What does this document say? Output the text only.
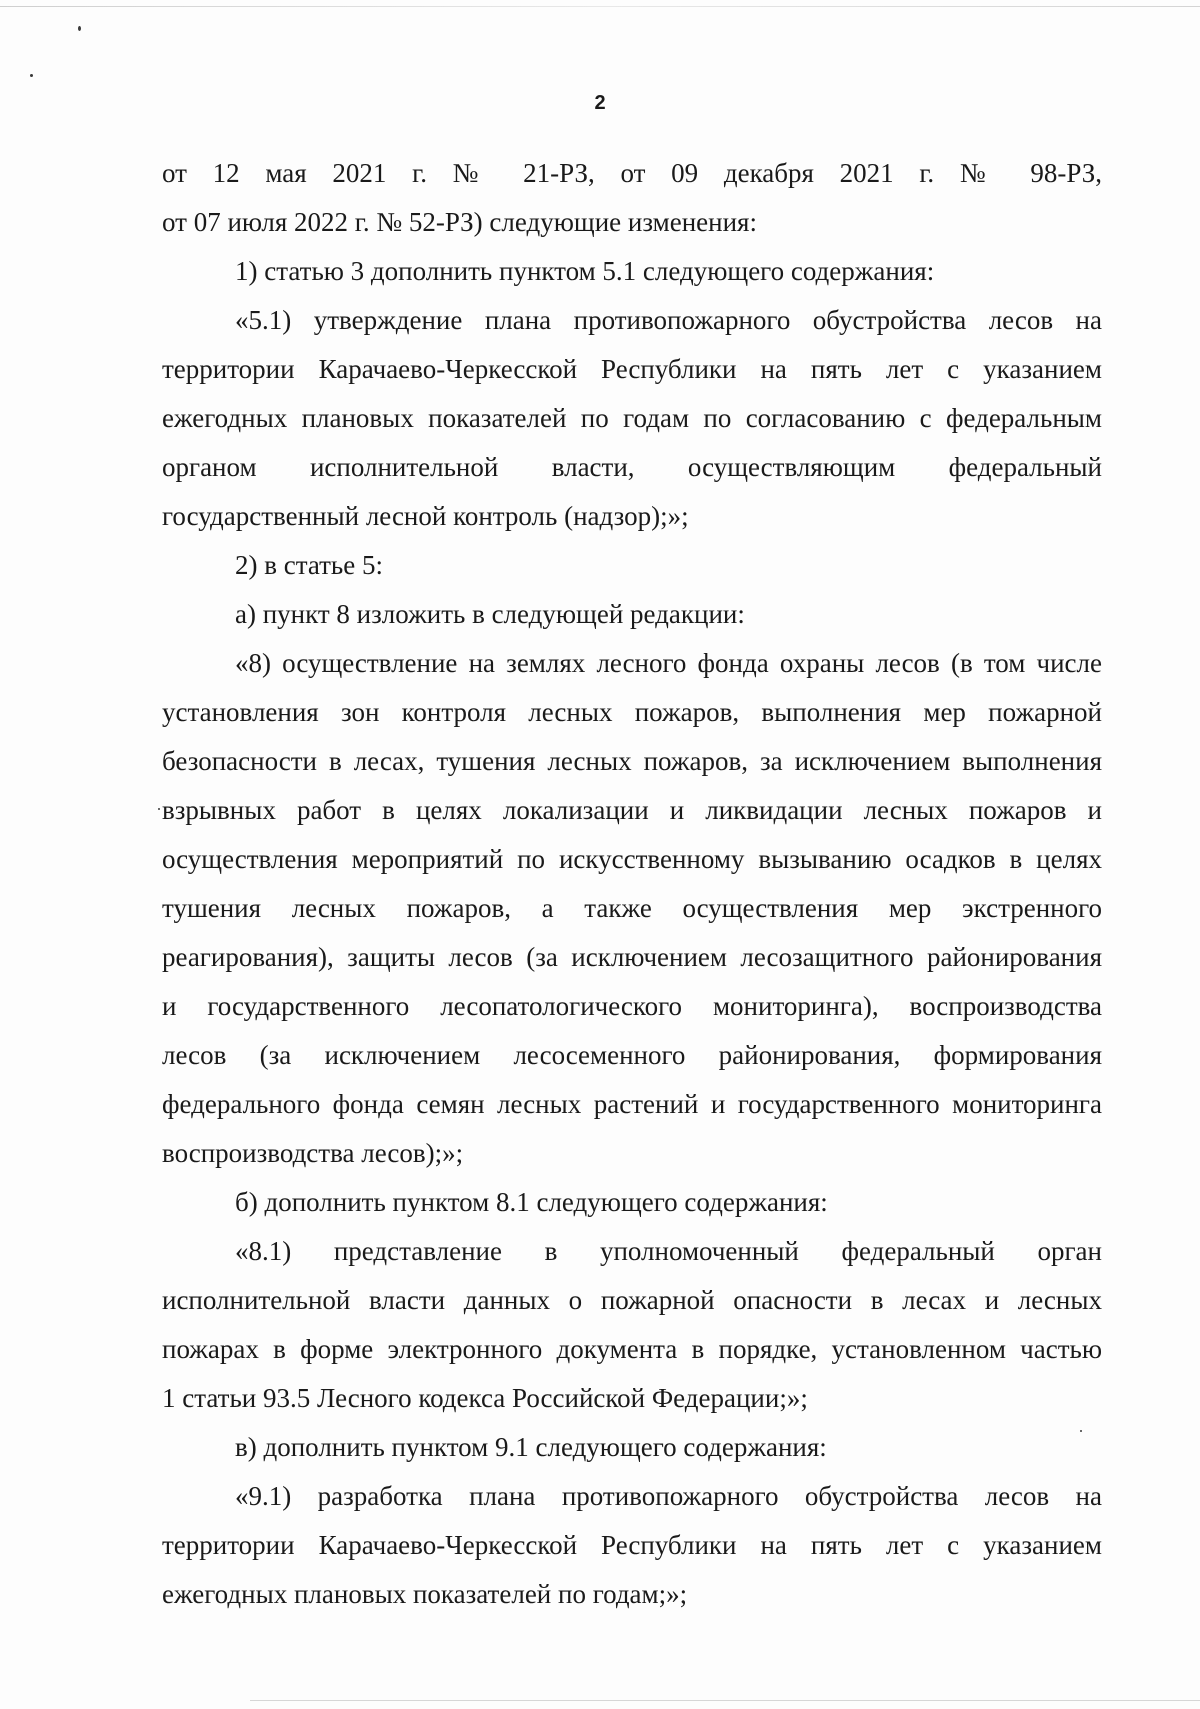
2
от 12 мая 2021 г. № 21-РЗ, от 09 декабря 2021 г. № 98-РЗ,
от 07 июля 2022 г. № 52-РЗ) следующие изменения:
1) статью 3 дополнить пунктом 5.1 следующего содержания:
«5.1) утверждение плана противопожарного обустройства лесов на
территории Карачаево-Черкесской Республики на пять лет с указанием
ежегодных плановых показателей по годам по согласованию с федеральным
органом исполнительной власти, осуществляющим федеральный
государственный лесной контроль (надзор);»;
2) в статье 5:
а) пункт 8 изложить в следующей редакции:
«8) осуществление на землях лесного фонда охраны лесов (в том числе
установления зон контроля лесных пожаров, выполнения мер пожарной
безопасности в лесах, тушения лесных пожаров, за исключением выполнения
взрывных работ в целях локализации и ликвидации лесных пожаров и
осуществления мероприятий по искусственному вызыванию осадков в целях
тушения лесных пожаров, а также осуществления мер экстренного
реагирования), защиты лесов (за исключением лесозащитного районирования
и государственного лесопатологического мониторинга), воспроизводства
лесов (за исключением лесосеменного районирования, формирования
федерального фонда семян лесных растений и государственного мониторинга
воспроизводства лесов);»;
б) дополнить пунктом 8.1 следующего содержания:
«8.1) представление в уполномоченный федеральный орган
исполнительной власти данных о пожарной опасности в лесах и лесных
пожарах в форме электронного документа в порядке, установленном частью
1 статьи 93.5 Лесного кодекса Российской Федерации;»;
в) дополнить пунктом 9.1 следующего содержания:
«9.1) разработка плана противопожарного обустройства лесов на
территории Карачаево-Черкесской Республики на пять лет с указанием
ежегодных плановых показателей по годам;»;
